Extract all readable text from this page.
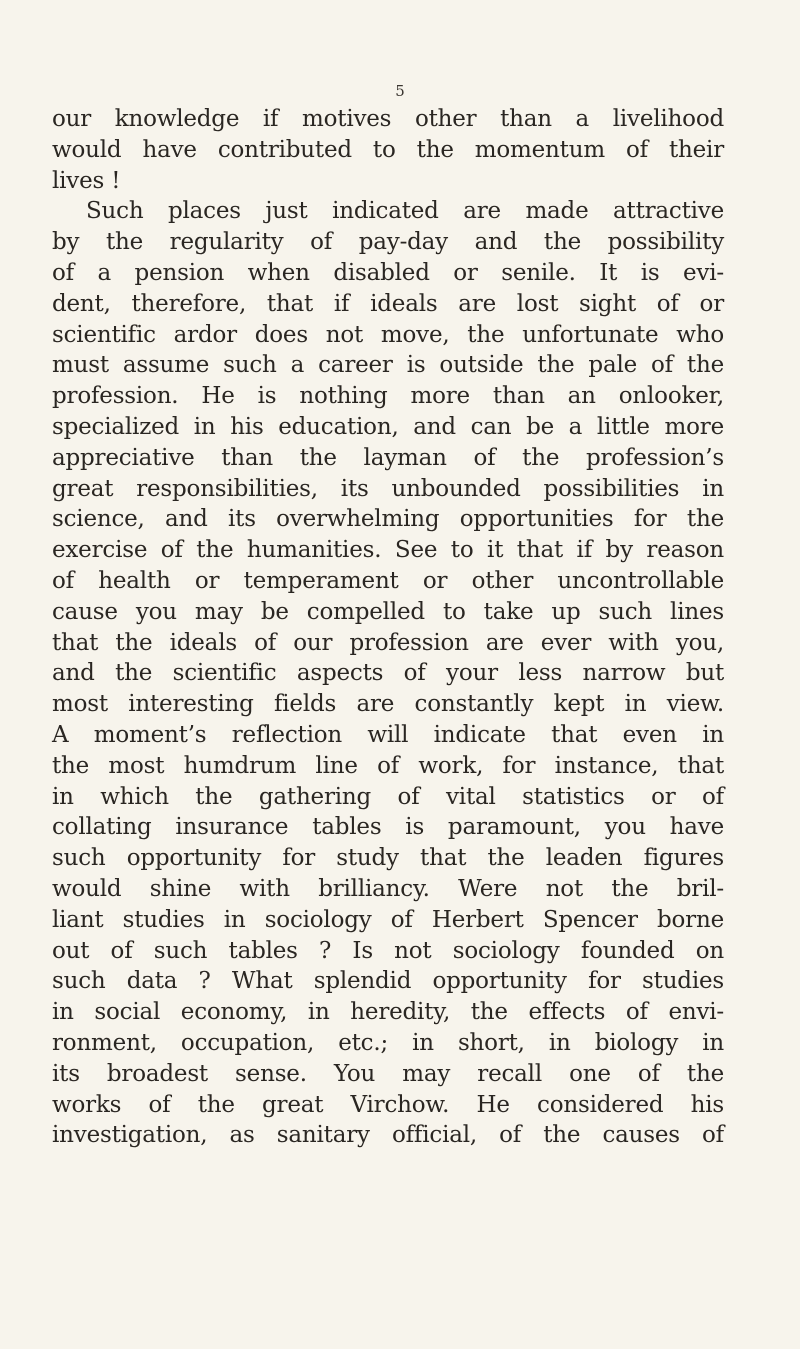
5
our knowledge if motives other than a livelihood
would have contributed to the momentum of their
lives !
Such places just indicated are made attractive
by the regularity of pay-day and the possibility
of a pension when disabled or senile. It is evi-
dent, therefore, that if ideals are lost sight of or
scientific ardor does not move, the unfortunate who
must assume such a career is outside the pale of the
profession. He is nothing more than an onlooker,
specialized in his education, and can be a little more
appreciative than the layman of the profession’s
great responsibilities, its unbounded possibilities in
science, and its overwhelming opportunities for the
exercise of the humanities. See to it that if by reason
of health or temperament or other uncontrollable
cause you may be compelled to take up such lines
that the ideals of our profession are ever with you,
and the scientific aspects of your less narrow but
most interesting fields are constantly kept in view.
A moment’s reflection will indicate that even in
the most humdrum line of work, for instance, that
in which the gathering of vital statistics or of
collating insurance tables is paramount, you have
such opportunity for study that the leaden figures
would shine with brilliancy. Were not the bril-
liant studies in sociology of Herbert Spencer borne
out of such tables ? Is not sociology founded on
such data ? What splendid opportunity for studies
in social economy, in heredity, the effects of envi-
ronment, occupation, etc.; in short, in biology in
its broadest sense. You may recall one of the
works of the great Virchow. He considered his
investigation, as sanitary official, of the causes of
